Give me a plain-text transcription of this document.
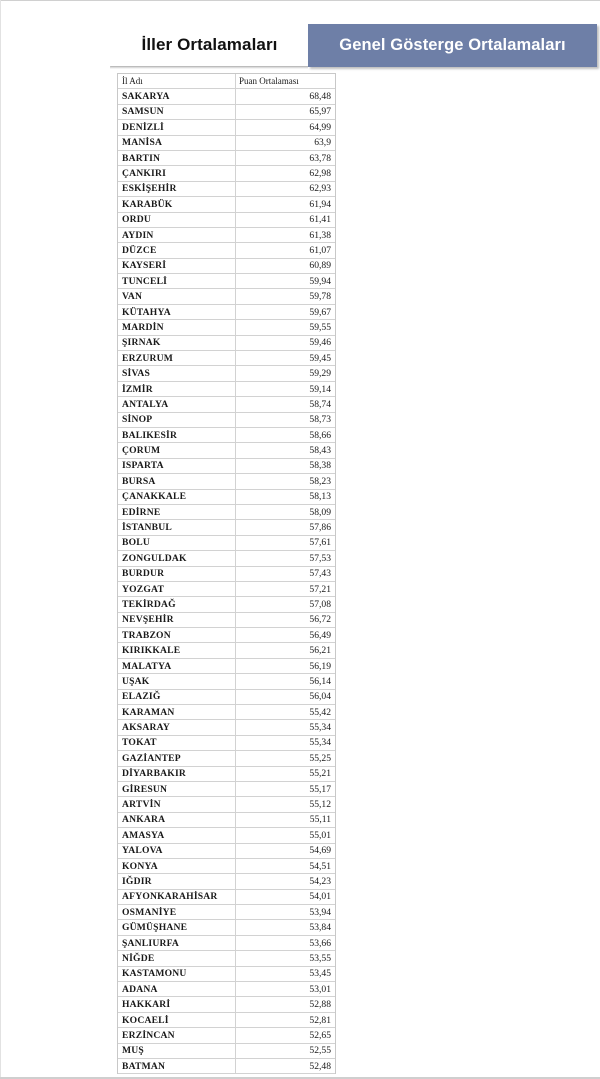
İller Ortalamaları	Genel Gösterge Ortalamaları
İl Adı	Puan Ortalaması
SAKARYA	68,48
SAMSUN	65,97
DENİZLİ	64,99
MANİSA	63,9
BARTIN	63,78
ÇANKIRI	62,98
ESKİŞEHİR	62,93
KARABÜK	61,94
ORDU	61,41
AYDIN	61,38
DÜZCE	61,07
KAYSERİ	60,89
TUNCELİ	59,94
VAN	59,78
KÜTAHYA	59,67
MARDİN	59,55
ŞIRNAK	59,46
ERZURUM	59,45
SİVAS	59,29
İZMİR	59,14
ANTALYA	58,74
SİNOP	58,73
BALIKESİR	58,66
ÇORUM	58,43
ISPARTA	58,38
BURSA	58,23
ÇANAKKALE	58,13
EDİRNE	58,09
İSTANBUL	57,86
BOLU	57,61
ZONGULDAK	57,53
BURDUR	57,43
YOZGAT	57,21
TEKİRDAĞ	57,08
NEVŞEHİR	56,72
TRABZON	56,49
KIRIKKALE	56,21
MALATYA	56,19
UŞAK	56,14
ELAZIĞ	56,04
KARAMAN	55,42
AKSARAY	55,34
TOKAT	55,34
GAZİANTEP	55,25
DİYARBAKIR	55,21
GİRESUN	55,17
ARTVİN	55,12
ANKARA	55,11
AMASYA	55,01
YALOVA	54,69
KONYA	54,51
IĞDIR	54,23
AFYONKARAHİSAR	54,01
OSMANİYE	53,94
GÜMÜŞHANE	53,84
ŞANLIURFA	53,66
NİĞDE	53,55
KASTAMONU	53,45
ADANA	53,01
HAKKARİ	52,88
KOCAELİ	52,81
ERZİNCAN	52,65
MUŞ	52,55
BATMAN	52,48
